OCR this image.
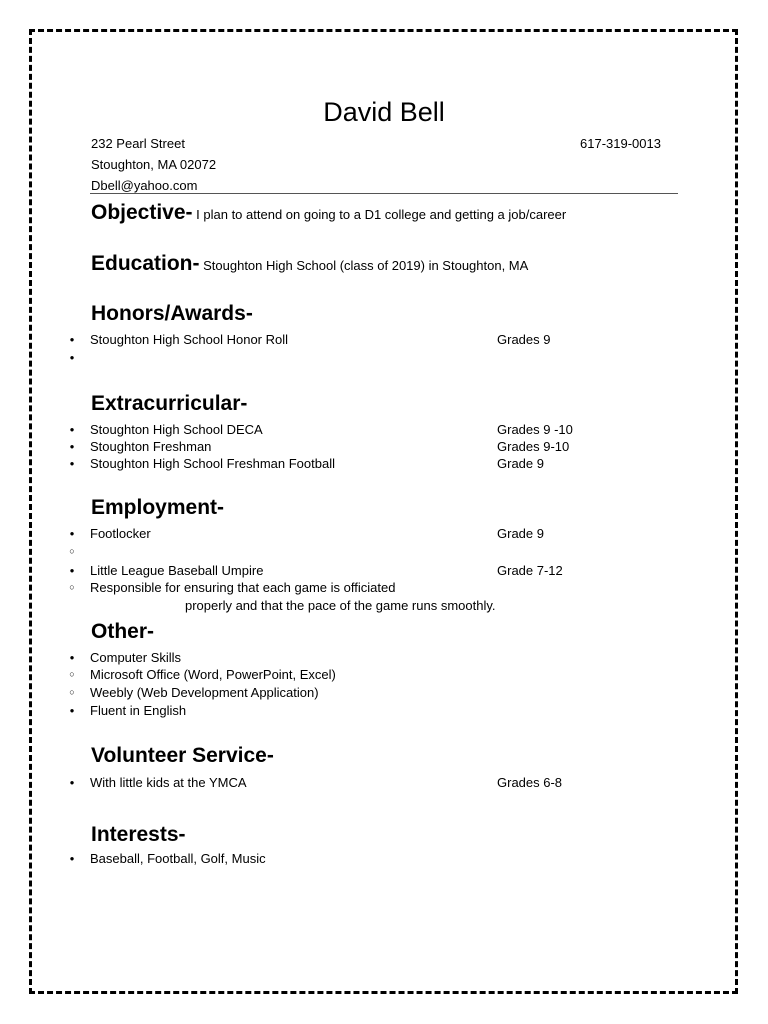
David Bell
232 Pearl Street
Stoughton, MA 02072
Dbell@yahoo.com
617-319-0013
Objective- I plan to attend on going to a D1 college and getting a job/career
Education- Stoughton High School (class of 2019) in Stoughton, MA
Honors/Awards-
●
Stoughton High School Honor Roll	Grades 9
●
Extracurricular-
●
Stoughton High School DECA	Grades 9 -10
●
Stoughton Freshman	Grades 9-10
●
Stoughton High School Freshman Football	Grade 9
Employment-
●
Footlocker	Grade 9
○
●
Little League Baseball Umpire	Grade 7-12
○
Responsible for ensuring that each game is officiated
properly and that the pace of the game runs smoothly.
Other-
●
Computer Skills
○
Microsoft Office (Word, PowerPoint, Excel)
○
Weebly (Web Development Application)
●
Fluent in English
Volunteer Service-
●
With little kids at the YMCA	Grades 6-8
Interests-
●
Baseball, Football, Golf, Music
